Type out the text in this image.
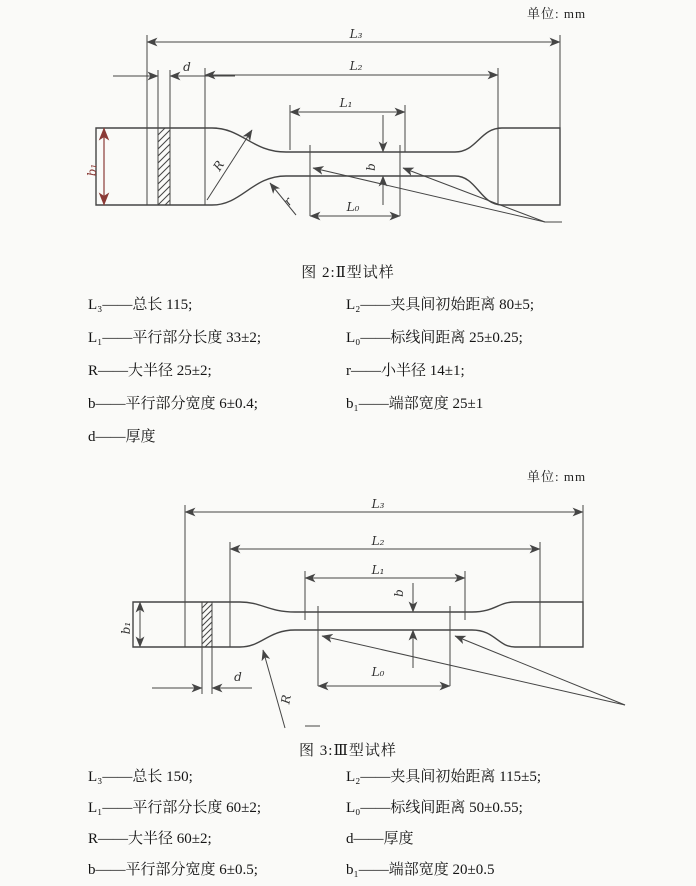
单位: mm
L₃
L₂
L₁
L₀
d
R
r
b
b₁
图 2:Ⅱ型试样
L₃——总长 115;
L₁——平行部分长度 33±2;
R——大半径 25±2;
b——平行部分宽度 6±0.4;
d——厚度
L₂——夹具间初始距离 80±5;
L₀——标线间距离 25±0.25;
r——小半径 14±1;
b₁——端部宽度 25±1
单位: mm
L₃
L₂
L₁
L₀
d
R
b
b₁
图 3:Ⅲ型试样
L₃——总长 150;
L₁——平行部分长度 60±2;
R——大半径 60±2;
b——平行部分宽度 6±0.5;
L₂——夹具间初始距离 115±5;
L₀——标线间距离 50±0.55;
d——厚度
b₁——端部宽度 20±0.5
